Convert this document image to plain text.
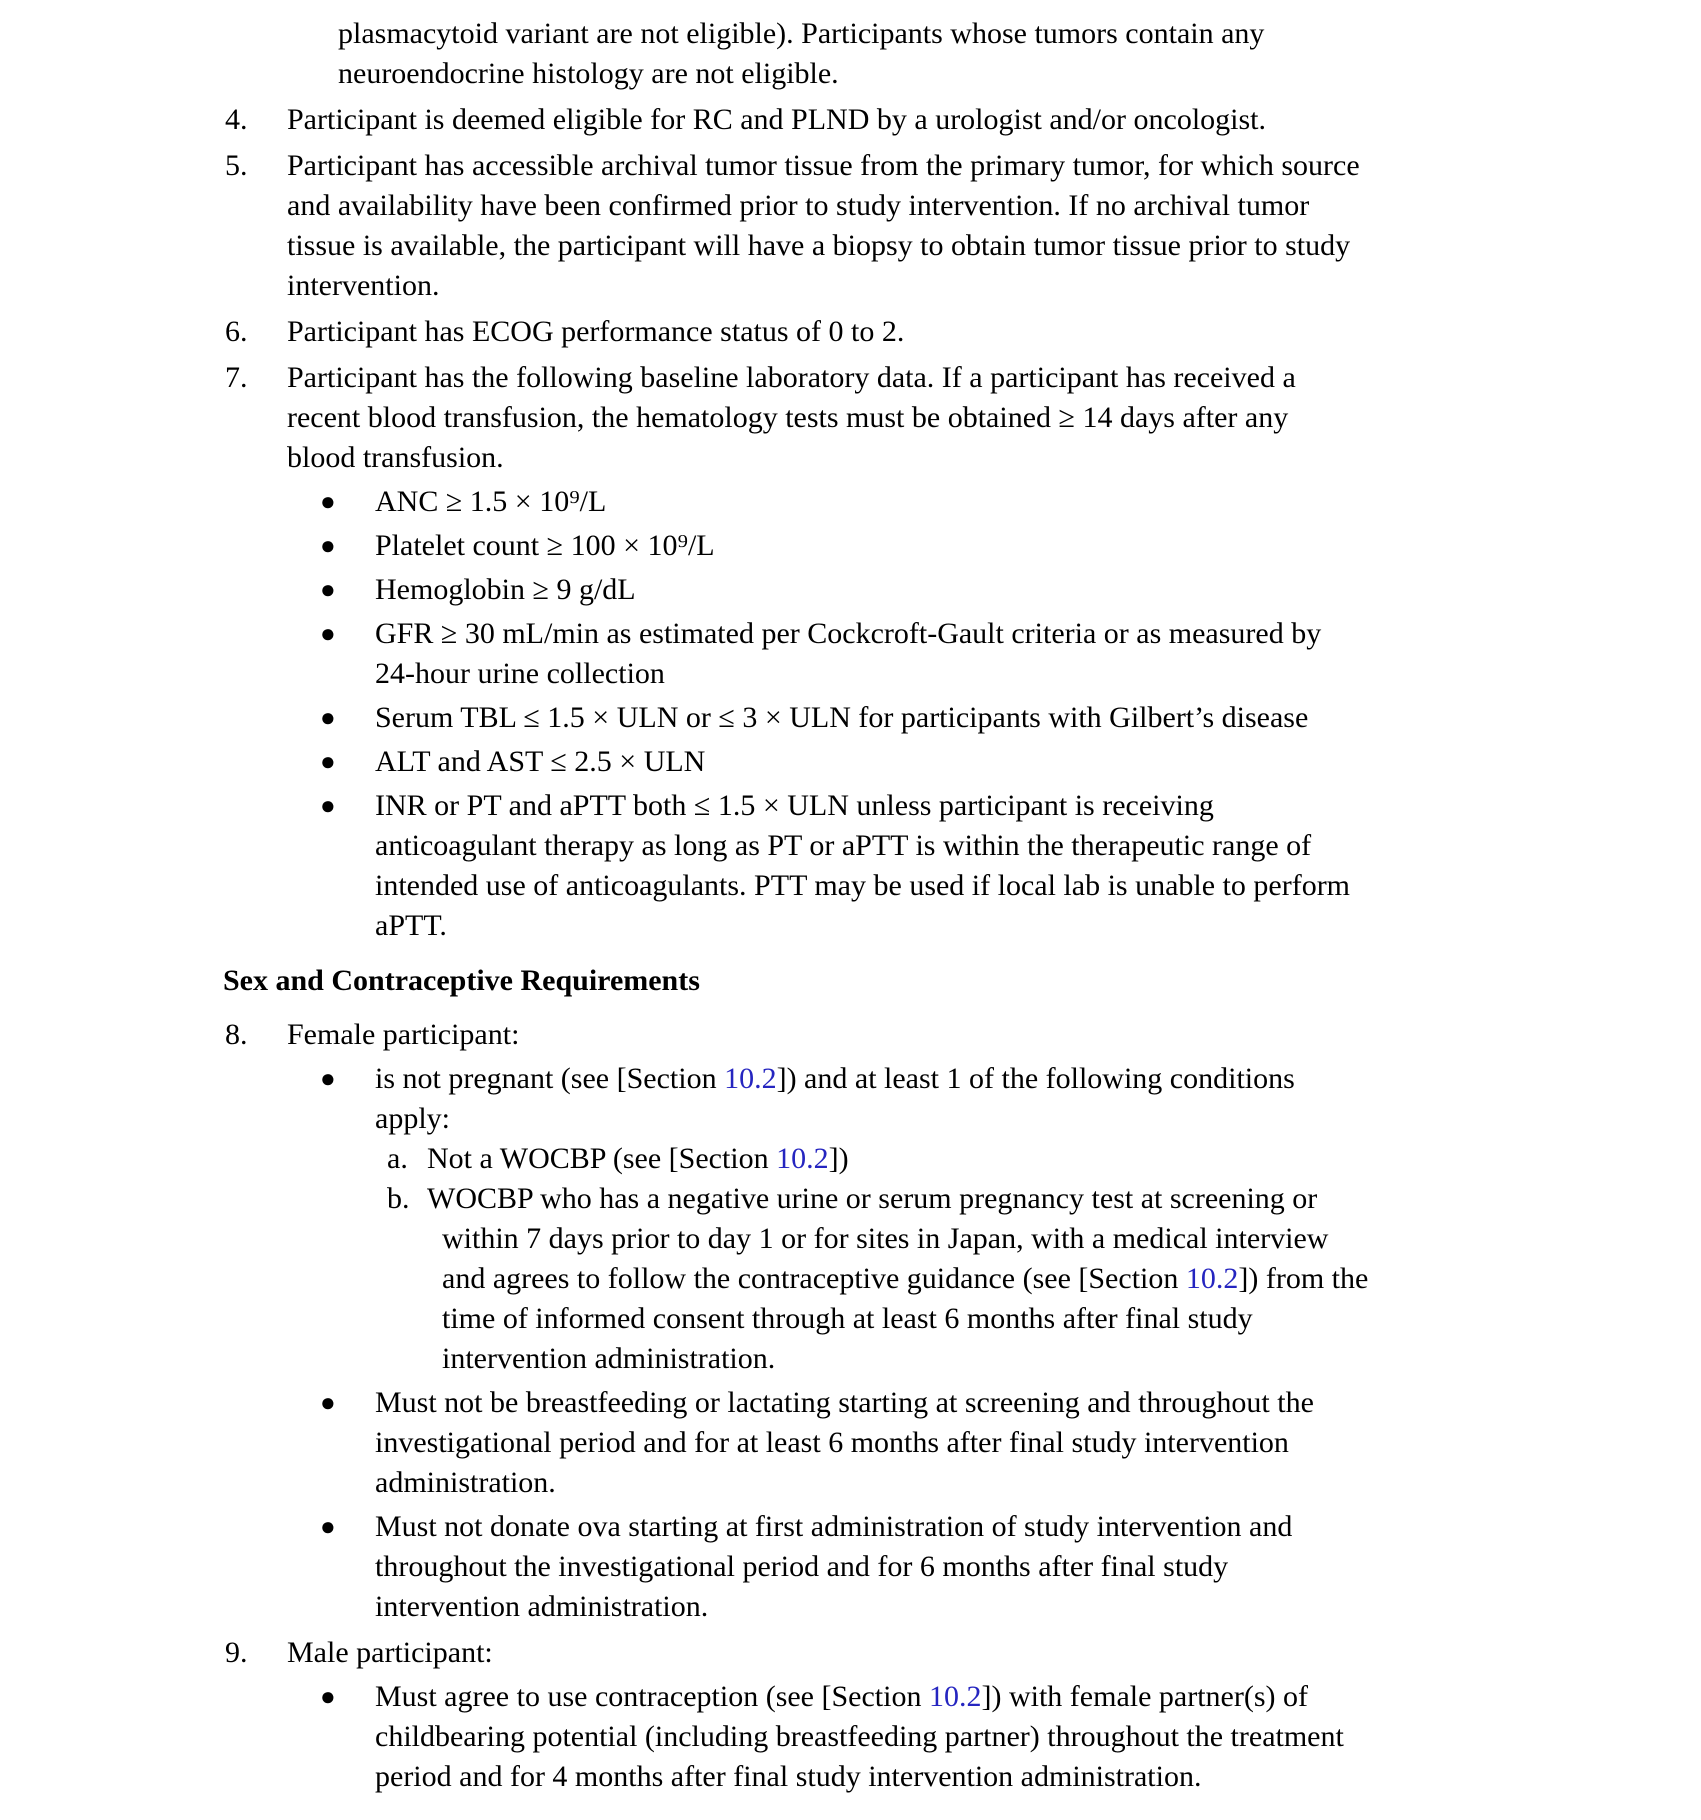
plasmacytoid variant are not eligible). Participants whose tumors contain any
neuroendocrine histology are not eligible.
4.	Participant is deemed eligible for RC and PLND by a urologist and/or oncologist.
5.	Participant has accessible archival tumor tissue from the primary tumor, for which source
and availability have been confirmed prior to study intervention. If no archival tumor
tissue is available, the participant will have a biopsy to obtain tumor tissue prior to study
intervention.
6.	Participant has ECOG performance status of 0 to 2.
7.	Participant has the following baseline laboratory data. If a participant has received a
recent blood transfusion, the hematology tests must be obtained ≥ 14 days after any
blood transfusion.
●	ANC ≥ 1.5 × 10⁹/L
●	Platelet count ≥ 100 × 10⁹/L
●	Hemoglobin ≥ 9 g/dL
●	GFR ≥ 30 mL/min as estimated per Cockcroft-Gault criteria or as measured by
24-hour urine collection
●	Serum TBL ≤ 1.5 × ULN or ≤ 3 × ULN for participants with Gilbert’s disease
●	ALT and AST ≤ 2.5 × ULN
●	INR or PT and aPTT both ≤ 1.5 × ULN unless participant is receiving
anticoagulant therapy as long as PT or aPTT is within the therapeutic range of
intended use of anticoagulants. PTT may be used if local lab is unable to perform
aPTT.
Sex and Contraceptive Requirements
8.	Female participant:
●	is not pregnant (see [Section 10.2]) and at least 1 of the following conditions
apply:
a. Not a WOCBP (see [Section 10.2])
b. WOCBP who has a negative urine or serum pregnancy test at screening or
within 7 days prior to day 1 or for sites in Japan, with a medical interview
and agrees to follow the contraceptive guidance (see [Section 10.2]) from the
time of informed consent through at least 6 months after final study
intervention administration.
●	Must not be breastfeeding or lactating starting at screening and throughout the
investigational period and for at least 6 months after final study intervention
administration.
●	Must not donate ova starting at first administration of study intervention and
throughout the investigational period and for 6 months after final study
intervention administration.
9.	Male participant:
●	Must agree to use contraception (see [Section 10.2]) with female partner(s) of
childbearing potential (including breastfeeding partner) throughout the treatment
period and for 4 months after final study intervention administration.
